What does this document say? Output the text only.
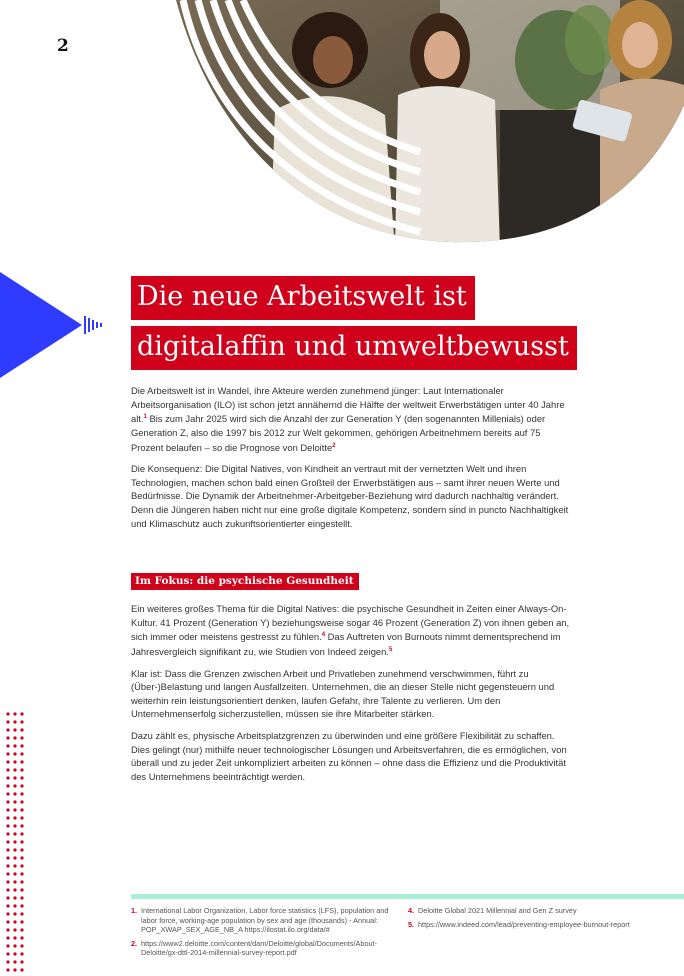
2
Die neue Arbeitswelt ist
digitalaffin und umweltbewusst

Die Arbeitswelt ist in Wandel, ihre Akteure werden zunehmend jünger: Laut Internationaler Arbeitsorganisation (ILO) ist schon jetzt annähernd die Hälfte der weltweit Erwerbstätigen unter 40 Jahre alt.$^1$ Bis zum Jahr 2025 wird sich die Anzahl der zur Generation Y (den sogenannten Millenials) oder Generation Z, also die 1997 bis 2012 zur Welt gekommen, gehörigen Arbeitnehmern bereits auf 75 Prozent belaufen – so die Prognose von Deloitte$^2$

Die Konsequenz: Die Digital Natives, von Kindheit an vertraut mit der vernetzten Welt und ihren Technologien, machen schon bald einen Großteil der Erwerbstätigen aus – samt ihrer neuen Werte und Bedürfnisse. Die Dynamik der Arbeitnehmer-Arbeitgeber-Beziehung wird dadurch nachhaltig verändert. Denn die Jüngeren haben nicht nur eine große digitale Kompetenz, sondern sind in puncto Nachhaltigkeit und Klimaschutz auch zukunftsorientierter eingestellt.

Im Fokus: die psychische Gesundheit

Ein weiteres großes Thema für die Digital Natives: die psychische Gesundheit in Zeiten einer Always-On-Kultur. 41 Prozent (Generation Y) beziehungsweise sogar 46 Prozent (Generation Z) von ihnen geben an, sich immer oder meistens gestresst zu fühlen.$^4$ Das Auftreten von Burnouts nimmt dementsprechend im Jahresvergleich signifikant zu, wie Studien von Indeed zeigen.$^5$

Klar ist: Dass die Grenzen zwischen Arbeit und Privatleben zunehmend verschwimmen, führt zu (Über-)Belastung und langen Ausfallzeiten. Unternehmen, die an dieser Stelle nicht gegensteuern und weiterhin rein leistungsorientiert denken, laufen Gefahr, ihre Talente zu verlieren. Um den Unternehmenserfolg sicherzustellen, müssen sie ihre Mitarbeiter stärken.

Dazu zählt es, physische Arbeitsplatzgrenzen zu überwinden und eine größere Flexibilität zu schaffen. Dies gelingt (nur) mithilfe neuer technologischer Lösungen und Arbeitsverfahren, die es ermöglichen, von überall und zu jeder Zeit unkompliziert arbeiten zu können – ohne dass die Effizienz und die Produktivität des Unternehmens beeinträchtigt werden.

1. International Labor Organization, Labor force statistics (LFS), population and labor force, working-age population by sex and age (thousands) - Annual: POP_XWAP_SEX_AGE_NB_A https://ilostat.ilo.org/data/#
2. https://www2.deloitte.com/content/dam/Deloitte/global/Documents/About-Deloitte/gx-dttl-2014-millennial-survey-report.pdf
4. Deloitte Global 2021 Millennial and Gen Z survey
5. https://www.indeed.com/lead/preventing-employee-burnout-report
